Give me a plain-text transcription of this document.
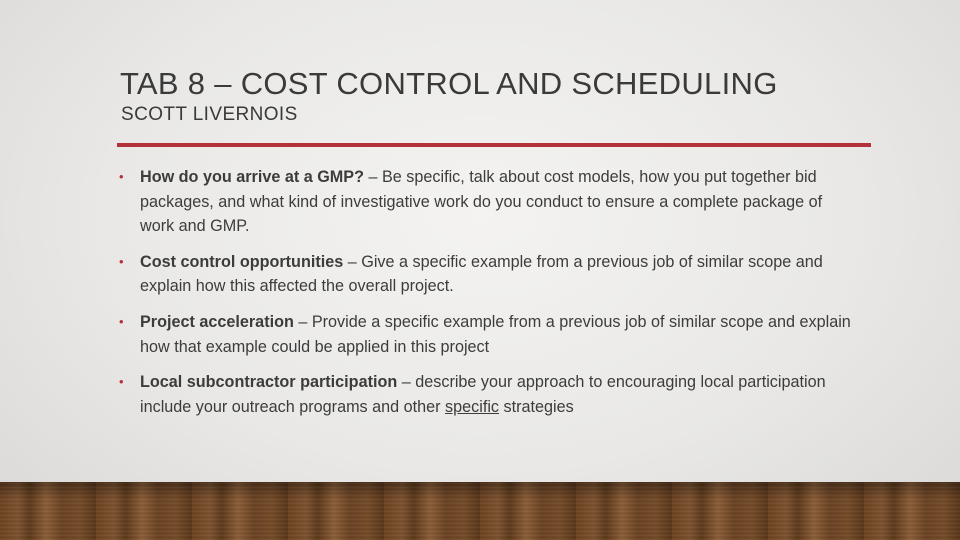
TAB 8 – COST CONTROL AND SCHEDULING
SCOTT LIVERNOIS
• How do you arrive at a GMP? – Be specific, talk about cost models, how you put together bid packages, and what kind of investigative work do you conduct to ensure a complete package of work and GMP.
• Cost control opportunities – Give a specific example from a previous job of similar scope and explain how this affected the overall project.
• Project acceleration – Provide a specific example from a previous job of similar scope and explain how that example could be applied in this project
• Local subcontractor participation – describe your approach to encouraging local participation include your outreach programs and other specific strategies
